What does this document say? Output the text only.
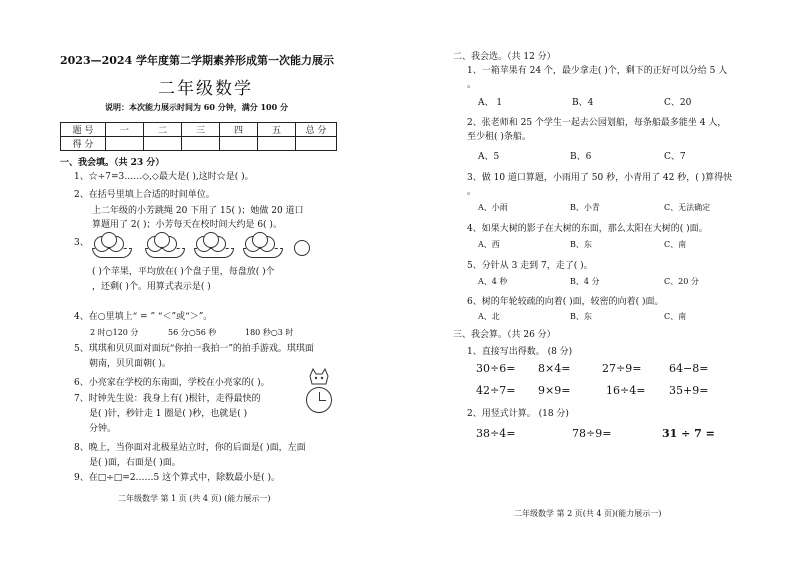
2023—2024 学年度第二学期素养形成第一次能力展示
二年级数学
说明：本次能力展示时间为 60 分钟，满分 100 分
题 号	一	二	三	四	五	总 分
得 分						
一、我会填。（共 23 分）
1、☆÷7=3……◇,◇最大是( ),这时☆是( )。
2、在括号里填上合适的时间单位。
上二年级的小芳跳绳 20 下用了 15( )；她做 20 道口
算题用了 2( )；小芳每天在校时间大约是 6( )。
3、
( )个苹果，平均放在( )个盘子里，每盘放( )个
，还剩( )个。用算式表示是( )
4、在○里填上“ = ” “＜”或“＞”。
2 时○120 分	56 分○56 秒	180 秒○3 时
5、琪琪和贝贝面对面玩“你拍一我拍一”的拍手游戏。琪琪面
朝南，贝贝面朝( )。
6、小亮家在学校的东南面，学校在小亮家的( )。
7、时钟先生说：我身上有( )根针，走得最快的
是( )针，秒针走 1 圈是( )秒，也就是( )
分钟。
8、晚上，当你面对北极星站立时，你的后面是( )面，左面
是( )面，右面是( )面。
9、在□÷□=2……5 这个算式中，除数最小是( )。
二年级数学 第 1 页 (共 4 页) (能力展示一)
二、我会选。（共 12 分）
1、一箱苹果有 24 个，最少拿走( )个，剩下的正好可以分给 5 人
。
A、 1	B、4	C、20
2、张老师和 25 个学生一起去公园划船，每条船最多能坐 4 人，
至少租( )条船。
A、5	B、6	C、7
3、做 10 道口算题，小雨用了 50 秒，小青用了 42 秒，( )算得快
。
A、小雨	B、小青	C、无法确定
4、如果大树的影子在大树的东面，那么太阳在大树的( )面。
A、西	B、东	C、南
5、分针从 3 走到 7，走了( )。
A、4 秒	B、4 分	C、20 分
6、树的年轮较疏的向着( )面，较密的向着( )面。
A、北	B、东	C、南
三、我会算。（共 26 分）
1、直接写出得数。 (8 分)
30÷6= 8×4=	27÷9=	64−8=
42÷7= 9×9=	16÷4= 35+9=
2、用竖式计算。 (18 分)
38÷4=	78÷9=	31 ÷ 7 =
二年级数学 第 2 页(共 4 页)(能力展示一)
